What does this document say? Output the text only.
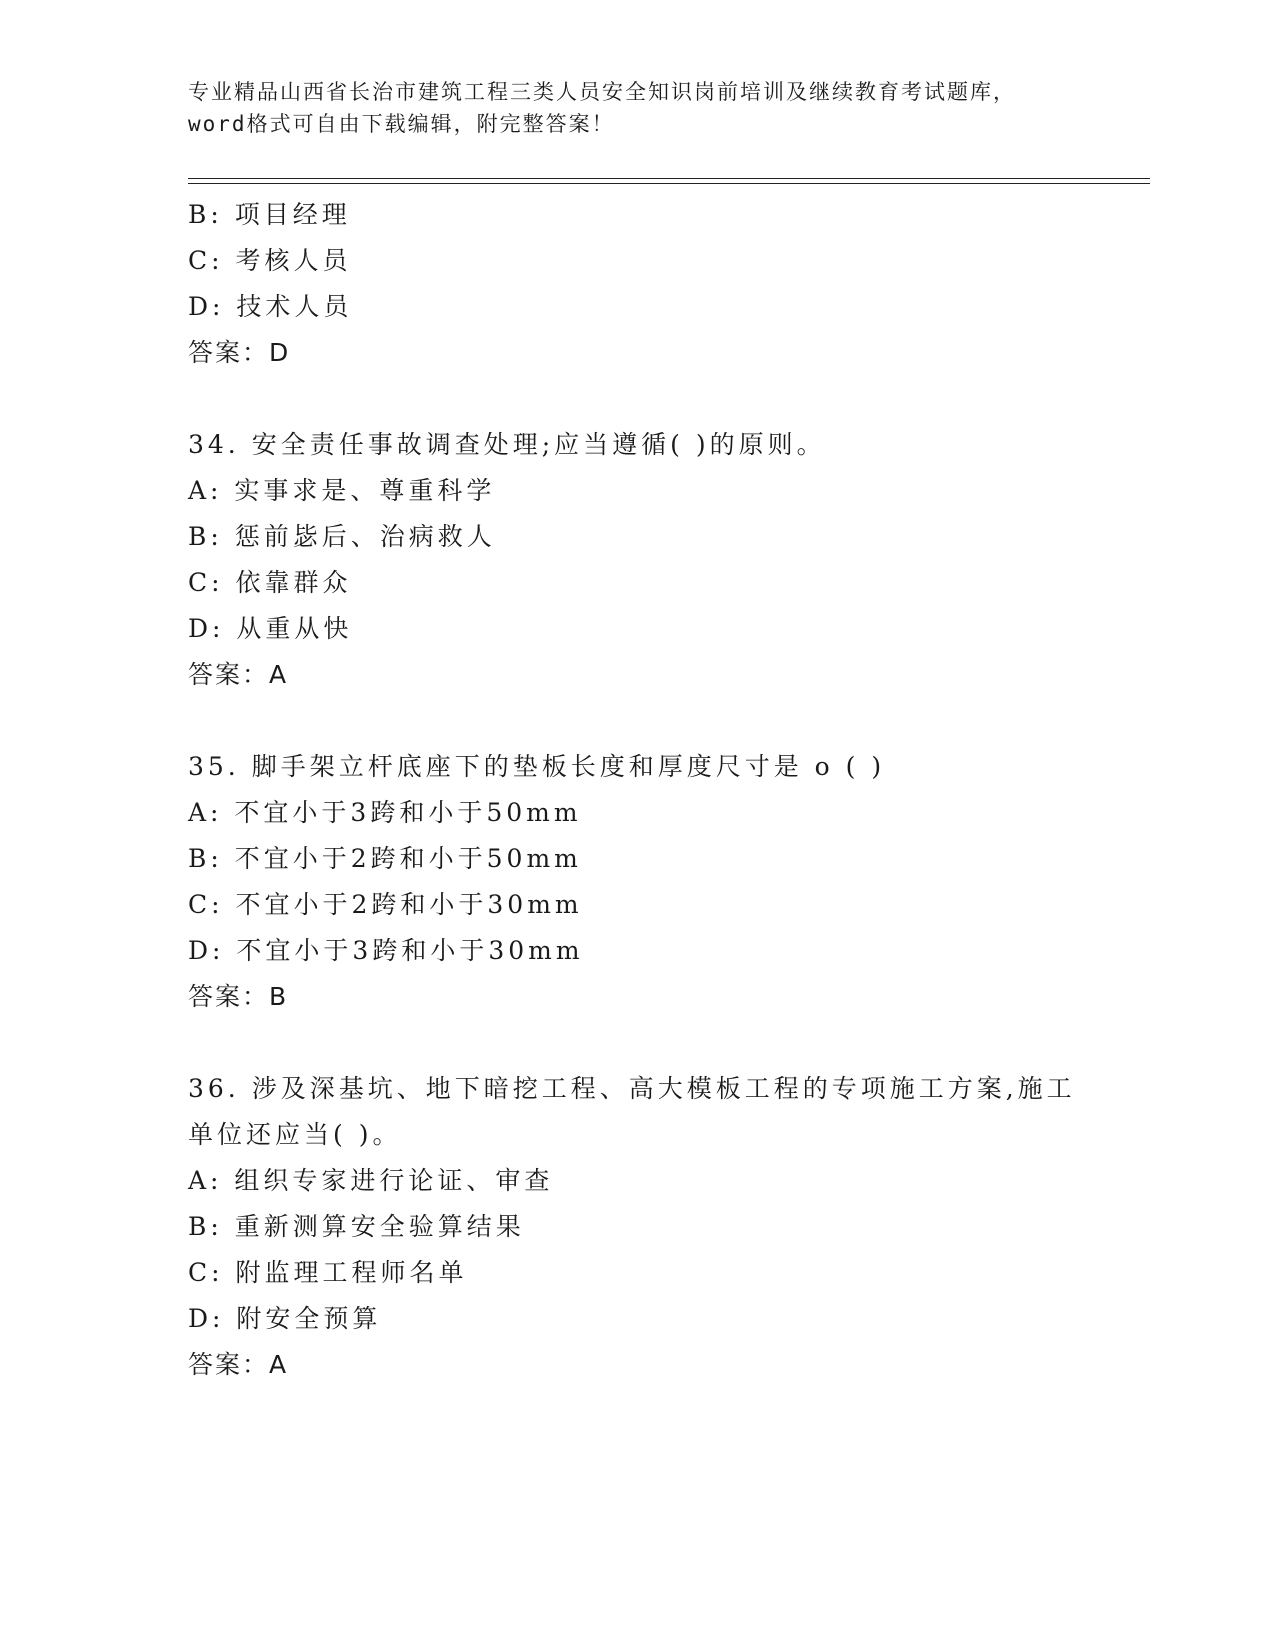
专业精品山西省长治市建筑工程三类人员安全知识岗前培训及继续教育考试题库，
word格式可自由下载编辑，附完整答案！
B: 项目经理
C: 考核人员
D: 技术人员
答案：D
34. 安全责任事故调查处理;应当遵循( )的原则。
A: 实事求是、尊重科学
B: 惩前毖后、治病救人
C: 依靠群众
D: 从重从快
答案：A
35. 脚手架立杆底座下的垫板长度和厚度尺寸是 o ( )
A: 不宜小于3跨和小于50mm
B: 不宜小于2跨和小于50mm
C: 不宜小于2跨和小于30mm
D: 不宜小于3跨和小于30mm
答案：B
36. 涉及深基坑、地下暗挖工程、高大模板工程的专项施工方案,施工
单位还应当( )。
A: 组织专家进行论证、审查
B: 重新测算安全验算结果
C: 附监理工程师名单
D: 附安全预算
答案：A
